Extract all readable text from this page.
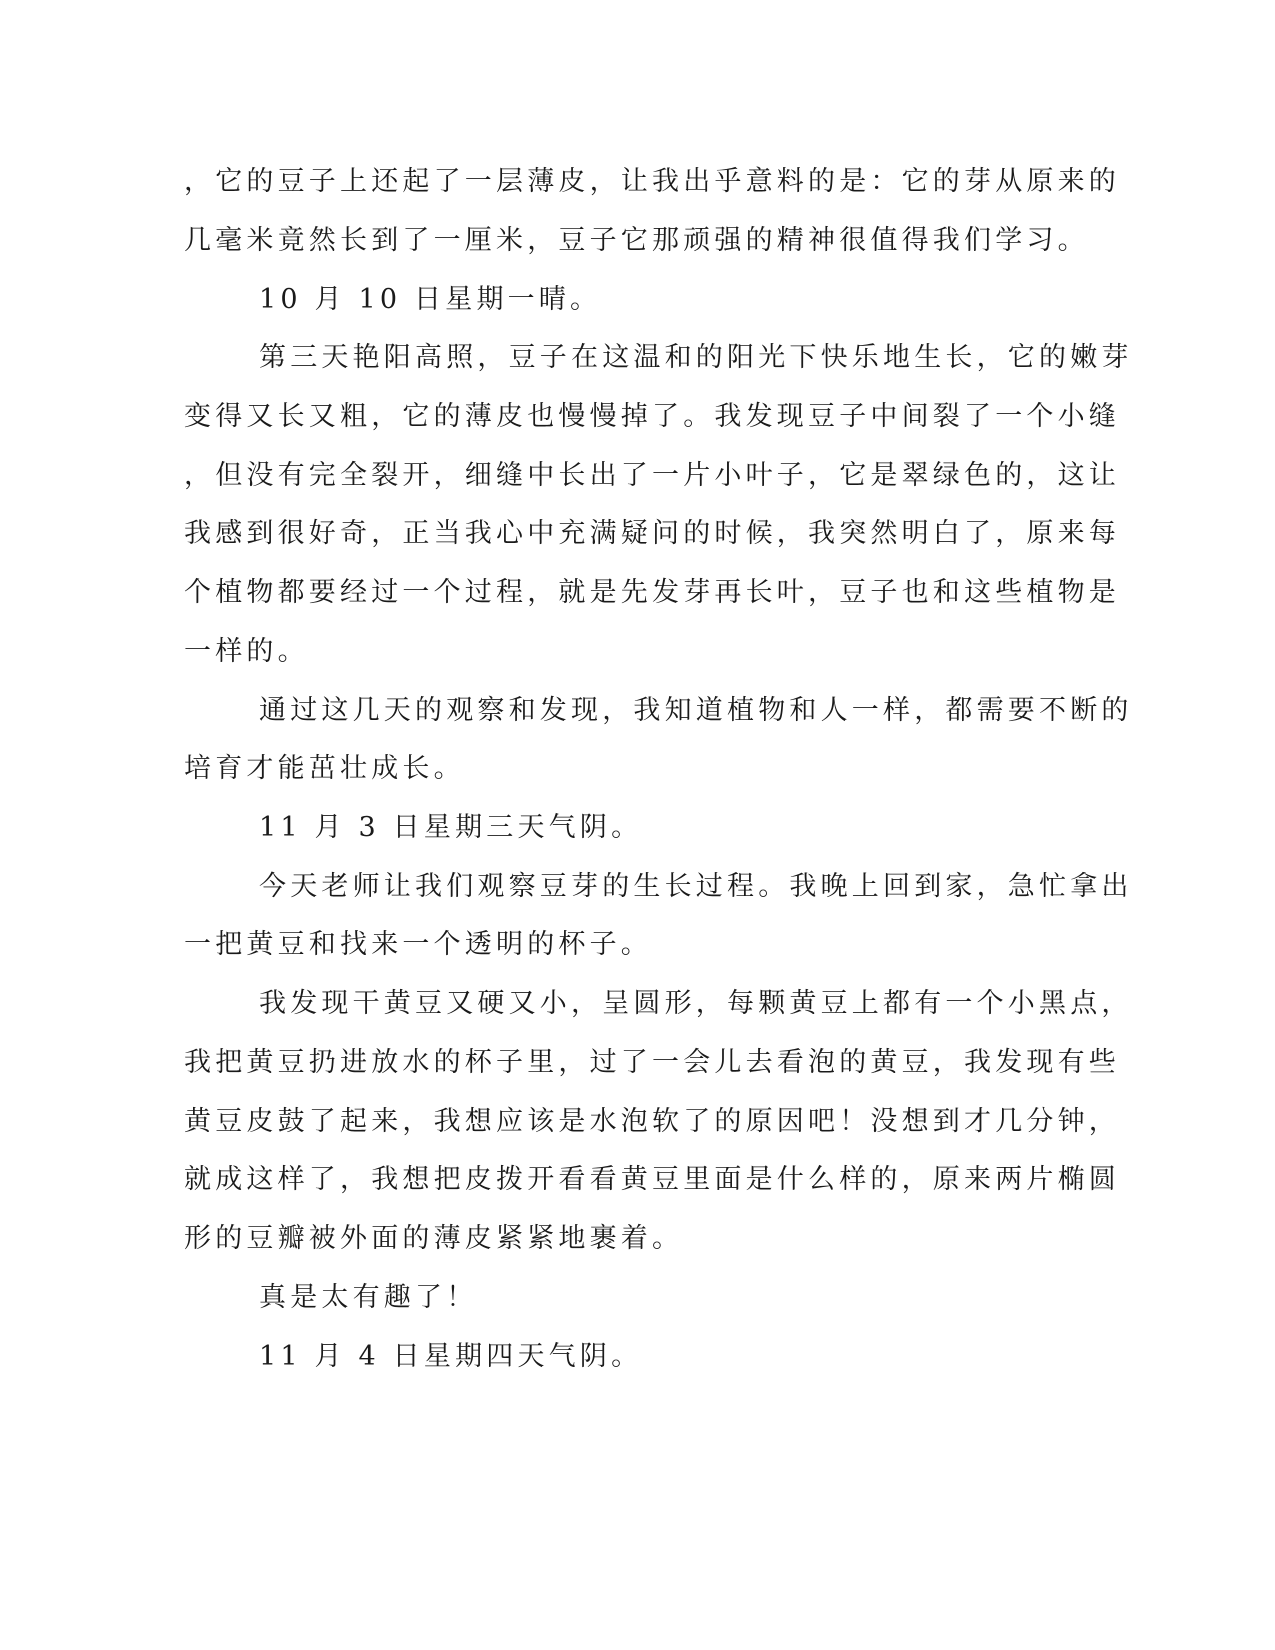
，它的豆子上还起了一层薄皮，让我出乎意料的是：它的芽从原来的
几毫米竟然长到了一厘米，豆子它那顽强的精神很值得我们学习。
10 月 10 日星期一晴。
第三天艳阳高照，豆子在这温和的阳光下快乐地生长，它的嫩芽
变得又长又粗，它的薄皮也慢慢掉了。我发现豆子中间裂了一个小缝
，但没有完全裂开，细缝中长出了一片小叶子，它是翠绿色的，这让
我感到很好奇，正当我心中充满疑问的时候，我突然明白了，原来每
个植物都要经过一个过程，就是先发芽再长叶，豆子也和这些植物是
一样的。
通过这几天的观察和发现，我知道植物和人一样，都需要不断的
培育才能茁壮成长。
11 月 3 日星期三天气阴。
今天老师让我们观察豆芽的生长过程。我晚上回到家，急忙拿出
一把黄豆和找来一个透明的杯子。
我发现干黄豆又硬又小，呈圆形，每颗黄豆上都有一个小黑点，
我把黄豆扔进放水的杯子里，过了一会儿去看泡的黄豆，我发现有些
黄豆皮鼓了起来，我想应该是水泡软了的原因吧！没想到才几分钟，
就成这样了，我想把皮拨开看看黄豆里面是什么样的，原来两片椭圆
形的豆瓣被外面的薄皮紧紧地裹着。
真是太有趣了！
11 月 4 日星期四天气阴。
